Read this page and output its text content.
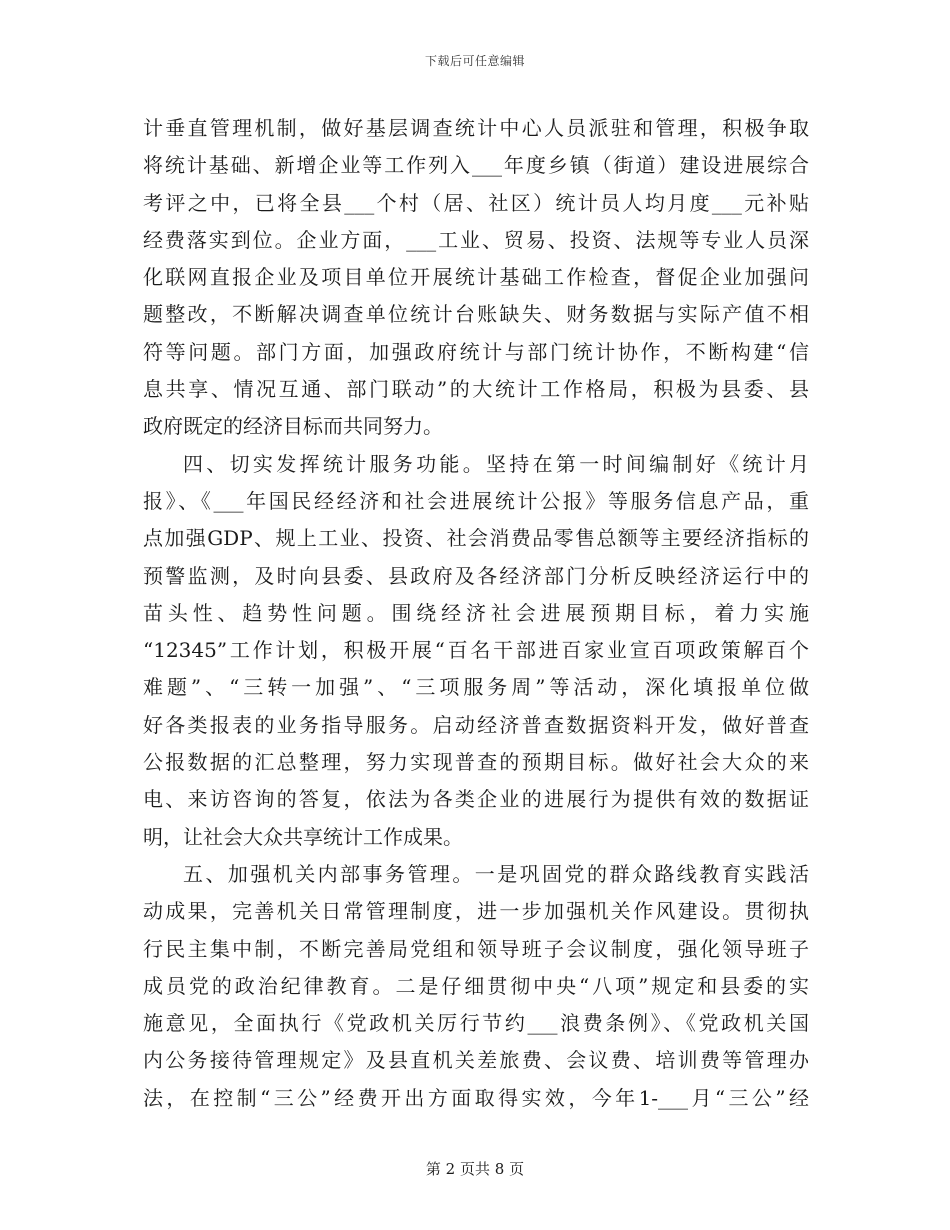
下载后可任意编辑
计垂直管理机制，做好基层调查统计中心人员派驻和管理，积极争取
将统计基础、新增企业等工作列入___年度乡镇（街道）建设进展综合
考评之中，已将全县___个村（居、社区）统计员人均月度___元补贴
经费落实到位。企业方面，___工业、贸易、投资、法规等专业人员深
化联网直报企业及项目单位开展统计基础工作检查，督促企业加强问
题整改，不断解决调查单位统计台账缺失、财务数据与实际产值不相
符等问题。部门方面，加强政府统计与部门统计协作，不断构建“信
息共享、情况互通、部门联动”的大统计工作格局，积极为县委、县
政府既定的经济目标而共同努力。
四、切实发挥统计服务功能。坚持在第一时间编制好《统计月
报》、《___年国民经经济和社会进展统计公报》等服务信息产品，重
点加强GDP、规上工业、投资、社会消费品零售总额等主要经济指标的
预警监测，及时向县委、县政府及各经济部门分析反映经济运行中的
苗头性、趋势性问题。围绕经济社会进展预期目标，着力实施
“12345”工作计划，积极开展“百名干部进百家业宣百项政策解百个
难题”、“三转一加强”、“三项服务周”等活动，深化填报单位做
好各类报表的业务指导服务。启动经济普查数据资料开发，做好普查
公报数据的汇总整理，努力实现普查的预期目标。做好社会大众的来
电、来访咨询的答复，依法为各类企业的进展行为提供有效的数据证
明，让社会大众共享统计工作成果。
五、加强机关内部事务管理。一是巩固党的群众路线教育实践活
动成果，完善机关日常管理制度，进一步加强机关作风建设。贯彻执
行民主集中制，不断完善局党组和领导班子会议制度，强化领导班子
成员党的政治纪律教育。二是仔细贯彻中央“八项”规定和县委的实
施意见，全面执行《党政机关厉行节约___浪费条例》、《党政机关国
内公务接待管理规定》及县直机关差旅费、会议费、培训费等管理办
法，在控制“三公”经费开出方面取得实效，今年1-___月“三公”经
第 2 页共 8 页
